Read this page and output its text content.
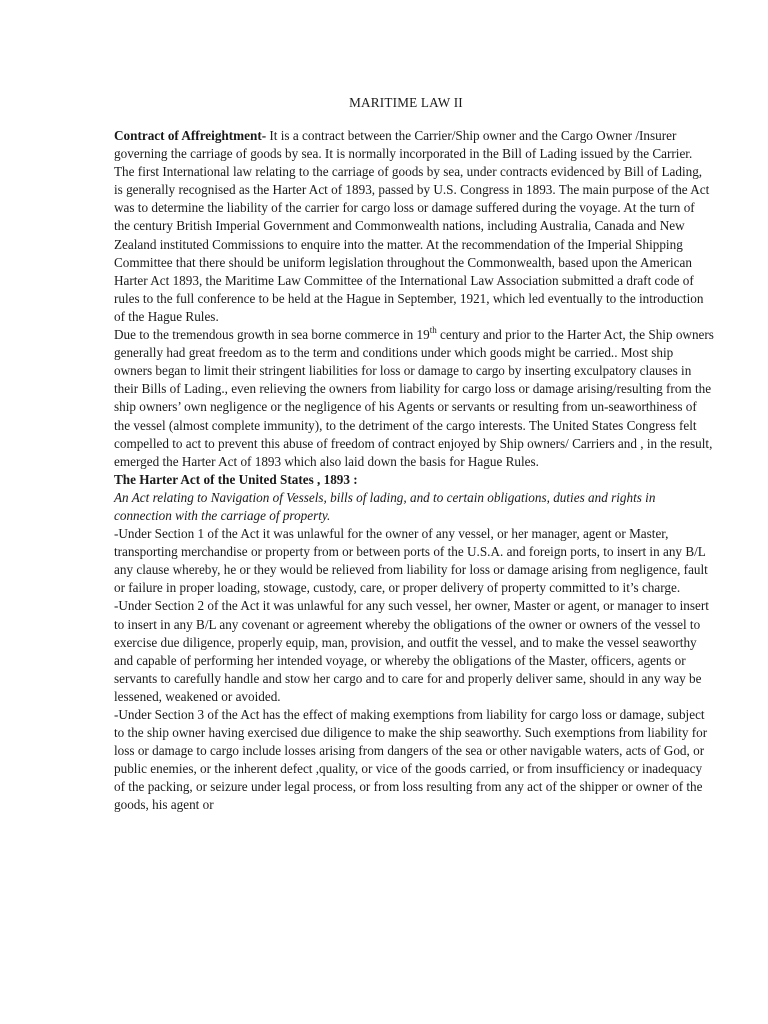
MARITIME LAW II

Contract of Affreightment- It is a contract between the Carrier/Ship owner and the Cargo Owner /Insurer governing the carriage of goods by sea. It is normally incorporated in the Bill of Lading issued by the Carrier.

The first International law relating to the carriage of goods by sea, under contracts evidenced by Bill of Lading, is generally recognised as the Harter Act of 1893, passed by U.S. Congress in 1893. The main purpose of the Act was to determine the liability of the carrier for cargo loss or damage suffered during the voyage. At the turn of the century British Imperial Government and Commonwealth nations, including Australia, Canada and New Zealand instituted Commissions to enquire into the matter. At the recommendation of the Imperial Shipping Committee that there should be uniform legislation throughout the Commonwealth, based upon the American Harter Act 1893, the Maritime Law Committee of the International Law Association submitted a draft code of rules to the full conference to be held at the Hague in September, 1921, which led eventually to the introduction of the Hague Rules.

Due to the tremendous growth in sea borne commerce in 19th century and prior to the Harter Act, the Ship owners generally had great freedom as to the term and conditions under which goods might be carried.. Most ship owners began to limit their stringent liabilities for loss or damage to cargo by inserting exculpatory clauses in their Bills of Lading., even relieving the owners from liability for cargo loss or damage arising/resulting from the ship owners’ own negligence or the negligence of his Agents or servants or resulting from un-seaworthiness of the vessel (almost complete immunity), to the detriment of the cargo interests. The United States Congress felt compelled to act to prevent this abuse of freedom of contract enjoyed by Ship owners/ Carriers and , in the result, emerged the Harter Act of 1893 which also laid down the basis for Hague Rules.

The Harter Act of the United States , 1893 :

An Act relating to Navigation of Vessels, bills of lading, and to certain obligations, duties and rights in connection with the carriage of property.

-Under Section 1 of the Act it was unlawful for the owner of any vessel, or her manager, agent or Master, transporting merchandise or property from or between ports of the U.S.A. and foreign ports, to insert in any B/L any clause whereby, he or they would be relieved from liability for loss or damage arising from negligence, fault or failure in proper loading, stowage, custody, care, or proper delivery of property committed to it’s charge.

-Under Section 2 of the Act it was unlawful for any such vessel, her owner, Master or agent, or manager to insert to insert in any B/L any covenant or agreement whereby the obligations of the owner or owners of the vessel to exercise due diligence, properly equip, man, provision, and outfit the vessel, and to make the vessel seaworthy and capable of performing her intended voyage, or whereby the obligations of the Master, officers, agents or servants to carefully handle and stow her cargo and to care for and properly deliver same, should in any way be lessened, weakened or avoided.

-Under Section 3 of the Act has the effect of making exemptions from liability for cargo loss or damage, subject to the ship owner having exercised due diligence to make the ship seaworthy. Such exemptions from liability for loss or damage to cargo include losses arising from dangers of the sea or other navigable waters, acts of God, or public enemies, or the inherent defect ,quality, or vice of the goods carried, or from insufficiency or inadequacy of the packing, or seizure under legal process, or from loss resulting from any act of the shipper or owner of the goods, his agent or
